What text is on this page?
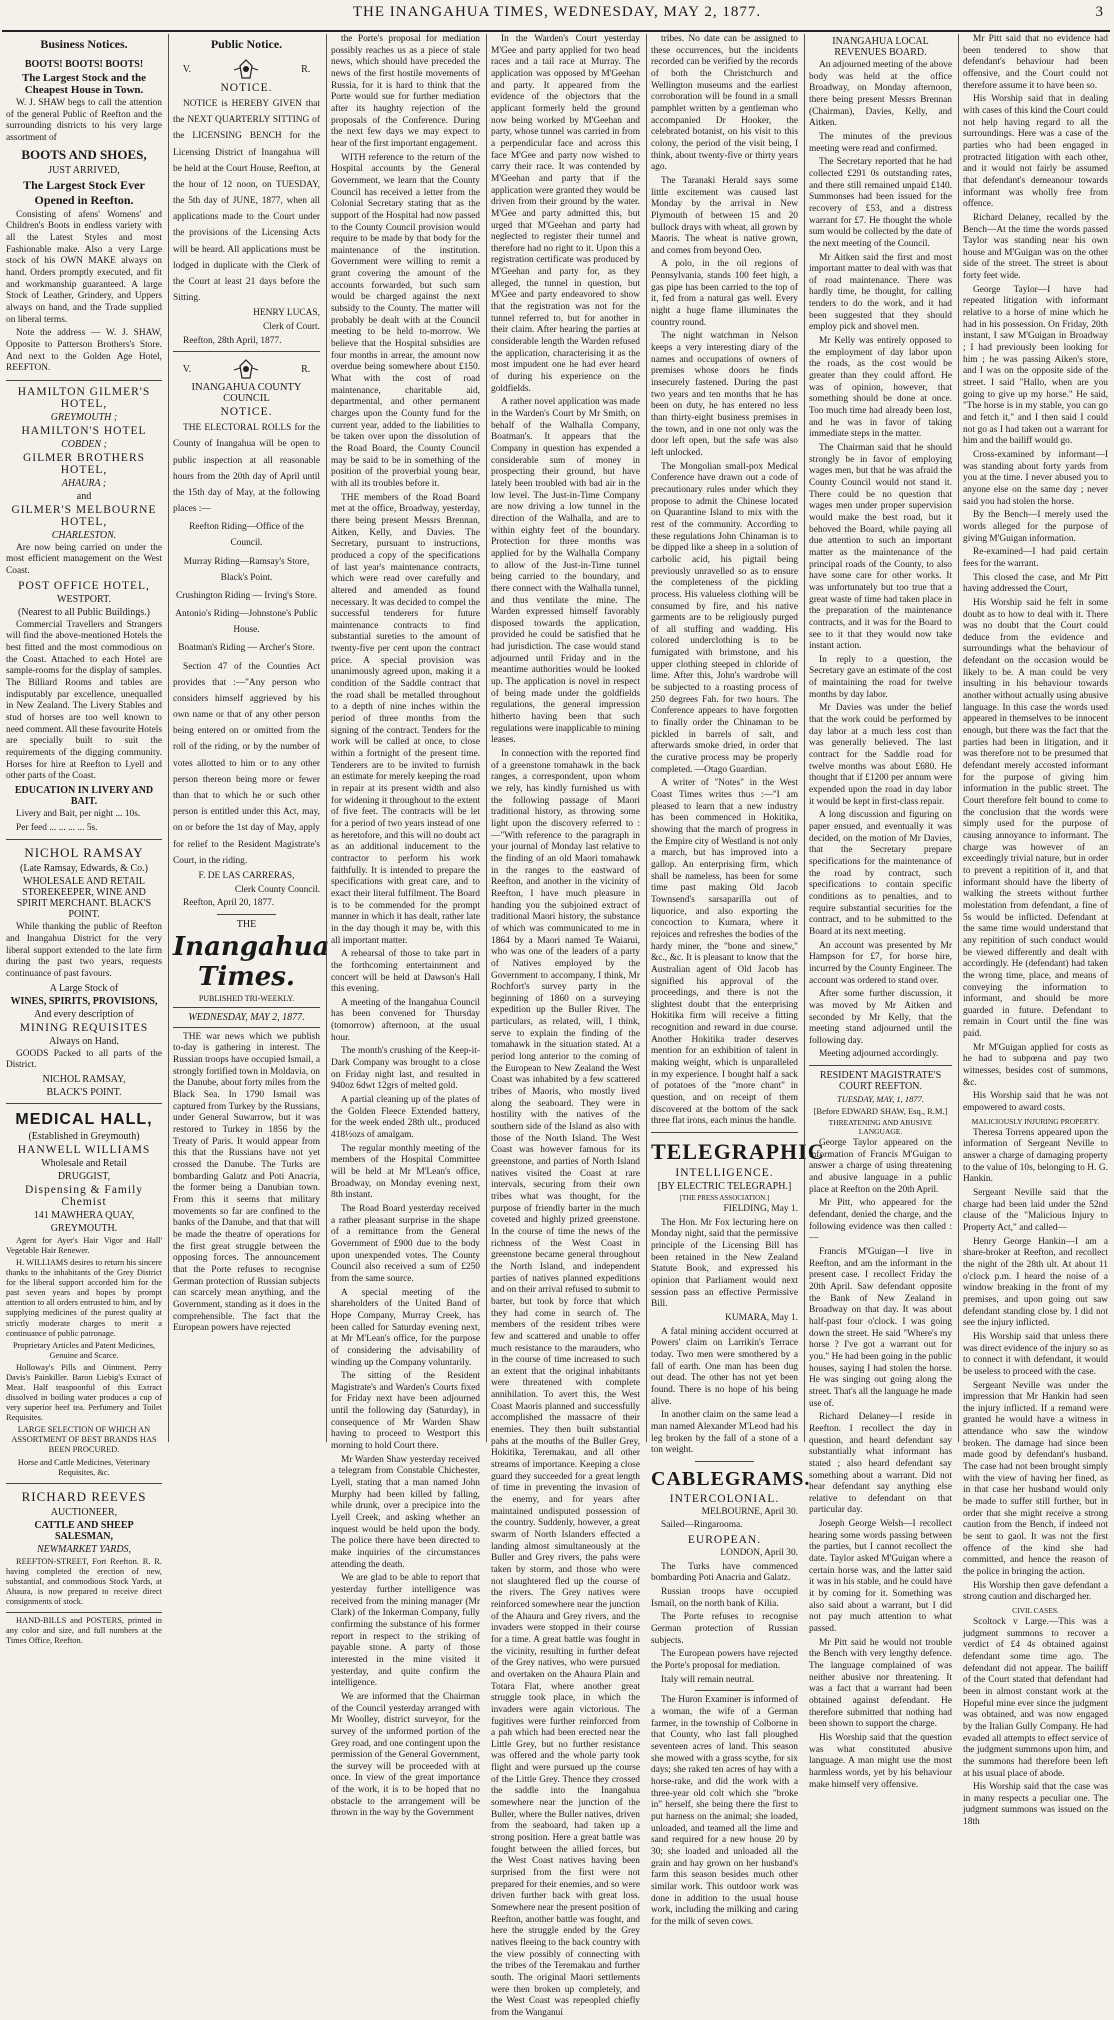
THE INANGAHUA TIMES, WEDNESDAY, MAY 2, 1877.	3
Business Notices.
BOOTS! BOOTS! BOOTS!
The Largest Stock and the Cheapest House in Town.

W. J. SHAW begs to call the attention of the general Public of Reefton and the surrounding districts to his very large assortment of

BOOTS AND SHOES,
JUST ARRIVED,
The Largest Stock Ever Opened in Reefton.

Consisting of afens' Womens' and Children's Boots in endless variety with all the Latest Styles and most Fashionable make. Also a very Large stock of his OWN MAKE always on hand. Orders promptly executed, and fit and workmanship guaranteed. A large Stock of Leather, Grindery, and Uppers always on hand, and the Trade supplied on liberal terms.

Note the address — W. J. SHAW, Opposite to Patterson Brothers's Store. And next to the Golden Age Hotel, REEFTON.

HAMILTON GILMER'S HOTEL,
GREYMOUTH ;
HAMILTON'S HOTEL
COBDEN ;
GILMER BROTHERS HOTEL,
AHAURA ;
and
GILMER'S MELBOURNE HOTEL,
CHARLESTON.

Are now being carried on under the most efficient management on the West Coast.

POST OFFICE HOTEL,
WESTPORT.
(Nearest to all Public Buildings.)

Commercial Travellers and Strangers will find the above-mentioned Hotels the best fitted and the most commodious on the Coast. Attached to each Hotel are sample-rooms for the display of samples. The Billiard Rooms and tables are indisputably par excellence, unequalled in New Zealand. The Livery Stables and stud of horses are too well known to need comment. All these favourite Hotels are specially built to suit the requirements of the digging community. Horses for hire at Reefton to Lyell and other parts of the Coast.

EDUCATION IN LIVERY AND BAIT.

Livery and Bait, per night ... 10s.

Per feed ... ... ... ... 5s.

NICHOL RAMSAY
(Late Ramsay, Edwards, & Co.)
WHOLESALE AND RETAIL STOREKEEPER, WINE AND SPIRIT MERCHANT. BLACK'S POINT.

While thanking the public of Reefton and Inangahua District for the very liberal support extended to the late firm during the past two years, requests continuance of past favours.

A Large Stock of
WINES, SPIRITS, PROVISIONS,
And every description of
MINING REQUISITES
Always on Hand.

GOODS Packed to all parts of the District.

NICHOL RAMSAY,
BLACK'S POINT.
MEDICAL HALL,
(Established in Greymouth)
HANWELL WILLIAMS
Wholesale and Retail
DRUGGIST,
Dispensing & Family Chemist
141 MAWHERA QUAY,
GREYMOUTH.

Agent for Ayer's Hair Vigor and Hall' Vegetable Hair Renewer.

H. WILLIAMS desires to return his sincere thanks to the inhabitants of the Grey District for the liberal support accorded him for the past seven years and hopes by prompt attention to all orders entrusted to him, and by supplying medicines of the purest quality at strictly moderate charges to merit a continuance of public patronage.

Proprietary Articles and Patent Medicines, Genuine and Scarce.

Holloway's Pills and Ointment. Perry Davis's Painkiller. Baron Liebig's Extract of Meat. Half teaspoonful of this Extract dissolved in boiling water produces a cup of very superior beef tea. Perfumery and Toilet Requisites.

LARGE SELECTION OF WHICH AN ASSORTMENT OF BEST BRANDS HAS BEEN PROCURED.

Horse and Cattle Medicines, Veterinary Requisites, &c.

RICHARD REEVES
AUCTIONEER,
CATTLE AND SHEEP SALESMAN,
NEWMARKET YARDS,

REEFTON-STREET, Fort Reefton. R. R. having completed the erection of new, substantial, and commodious Stock Yards, at Ahaura, is now prepared to receive direct consignments of stock.

HAND-BILLS and POSTERS, printed in any color and size, and full numbers at the Times Office, Reefton.

Public Notice.
V.	R.
NOTICE.

NOTICE is HEREBY GIVEN that the NEXT QUARTERLY SITTING of the LICENSING BENCH for the Licensing District of Inangahua will be held at the Court House, Reefton, at the hour of 12 noon, on TUESDAY, the 5th day of JUNE, 1877, when all applications made to the Court under the provisions of the Licensing Acts will be heard. All applications must be lodged in duplicate with the Clerk of the Court at least 21 days before the Sitting.

HENRY LUCAS,

Clerk of Court.

Reefton, 28th April, 1877.

V.	R.
INANGAHUA COUNTY COUNCIL
NOTICE.

THE ELECTORAL ROLLS for the County of Inangahua will be open to public inspection at all reasonable hours from the 20th day of April until the 15th day of May, at the following places :—

Reefton Riding—Office of the Council.

Murray Riding—Ramsay's Store, Black's Point.

Crushington Riding — Irving's Store.

Antonio's Riding—Johnstone's Public House.

Boatman's Riding — Archer's Store.

Section 47 of the Counties Act provides that :—"Any person who considers himself aggrieved by his own name or that of any other person being entered on or omitted from the roll of the riding, or by the number of votes allotted to him or to any other person thereon being more or fewer than that to which he or such other person is entitled under this Act, may, on or before the 1st day of May, apply for relief to the Resident Magistrate's Court, in the riding.

F. DE LAS CARRERAS,

Clerk County Council.

Reefton, April 20, 1877.

THE
Inangahua Times.
PUBLISHED TRI-WEEKLY.
WEDNESDAY, MAY 2, 1877.

THE war news which we publish to-day is gathering in interest. The Russian troops have occupied Ismail, a strongly fortified town in Moldavia, on the Danube, about forty miles from the Black Sea. In 1790 Ismail was captured from Turkey by the Russians, under General Suwarrow, but it was restored to Turkey in 1856 by the Treaty of Paris. It would appear from this that the Russians have not yet crossed the Danube. The Turks are bombarding Galatz and Poti Anacria, the former being a Danubian town. From this it seems that military movements so far are confined to the banks of the Danube, and that that will be made the theatre of operations for the first great struggle between the opposing forces. The announcement that the Porte refuses to recognise German protection of Russian subjects can scarcely mean anything, and the Government, standing as it does in the comprehensible. The fact that the European powers have rejected

the Porte's proposal for mediation possibly reaches us as a piece of stale news, which should have preceded the news of the first hostile movements of Russia, for it is hard to think that the Porte would sue for further mediation after its haughty rejection of the proposals of the Conference. During the next few days we may expect to hear of the first important engagement.

WITH reference to the return of the Hospital accounts by the General Government, we learn that the County Council has received a letter from the Colonial Secretary stating that as the support of the Hospital had now passed to the County Council provision would require to be made by that body for the maintenance of the institution. Government were willing to remit a grant covering the amount of the accounts forwarded, but such sum would be charged against the next subsidy to the County. The matter will probably be dealt with at the Council meeting to be held to-morrow. We believe that the Hospital subsidies are four months in arrear, the amount now overdue being somewhere about £150. What with the cost of road maintenance, charitable aid, departmental, and other permanent charges upon the County fund for the current year, added to the liabilities to be taken over upon the dissolution of the Road Board, the County Council may be said to be in something of the position of the proverbial young bear, with all its troubles before it.

THE members of the Road Board met at the office, Broadway, yesterday, there being present Messrs Brennan, Aitken, Kelly, and Davies. The Secretary, pursuant to instructions, produced a copy of the specifications of last year's maintenance contracts, which were read over carefully and altered and amended as found necessary. It was decided to compel the successful tenderers for future maintenance contracts to find substantial sureties to the amount of twenty-five per cent upon the contract price. A special provision was unanimously agreed upon, making it a condition of the Saddle contract that the road shall be metalled throughout to a depth of nine inches within the period of three months from the signing of the contract. Tenders for the work will be called at once, to close within a fortnight of the present time. Tenderers are to be invited to furnish an estimate for merely keeping the road in repair at its present width and also for widening it throughout to the extent of five feet. The contracts will be let for a period of two years instead of one as heretofore, and this will no doubt act as an additional inducement to the contractor to perform his work faithfully. It is intended to prepare the specifications with great care, and to exact their literal fulfilment. The Board is to be commended for the prompt manner in which it has dealt, rather late in the day though it may be, with this all important matter.

A rehearsal of those to take part in the forthcoming entertainment and concert will be held at Dawson's Hall this evening.

A meeting of the Inangahua Council has been convened for Thursday (tomorrow) afternoon, at the usual hour.

The month's crushing of the Keep-it-Dark Company was brought to a close on Friday night last, and resulted in 940oz 6dwt 12grs of melted gold.

A partial cleaning up of the plates of the Golden Fleece Extended battery, for the week ended 28th ult., produced 418½ozs of amalgam.

The regular monthly meeting of the members of the Hospital Committee will be held at Mr M'Lean's office, Broadway, on Monday evening next, 8th instant.

The Road Board yesterday received a rather pleasant surprise in the shape of a remittance from the General Government of £900 due to the body upon unexpended votes. The County Council also received a sum of £250 from the same source.

A special meeting of the shareholders of the United Band of Hope Company, Murray Creek, has been called for Saturday evening next, at Mr M'Lean's office, for the purpose of considering the advisability of winding up the Company voluntarily.

The sitting of the Resident Magistrate's and Warden's Courts fixed for Friday next have been adjourned until the following day (Saturday), in consequence of Mr Warden Shaw having to proceed to Westport this morning to hold Court there.

Mr Warden Shaw yesterday received a telegram from Constable Chichester, Lyell, stating that a man named John Murphy had been killed by falling, while drunk, over a precipice into the Lyell Creek, and asking whether an inquest would be held upon the body. The police there have been directed to make inquiries of the circumstances attending the death.

We are glad to be able to report that yesterday further intelligence was received from the mining manager (Mr Clark) of the Inkerman Company, fully confirming the substance of his former report in respect to the striking of payable stone. A party of those interested in the mine visited it yesterday, and quite confirm the intelligence.

We are informed that the Chairman of the Council yesterday arranged with Mr Woolley, district surveyor, for the survey of the unformed portion of the Grey road, and one contingent upon the permission of the General Government, the survey will be proceeded with at once. In view of the great importance of the work, it is to be hoped that no obstacle to the arrangement will be thrown in the way by the Government

In the Warden's Court yesterday M'Gee and party applied for two head races and a tail race at Murray. The application was opposed by M'Geehan and party. It appeared from the evidence of the objectors that the applicant formerly held the ground now being worked by M'Geehan and party, whose tunnel was carried in from a perpendicular face and across this face M'Gee and party now wished to carry their race. It was contended by M'Geehan and party that if the application were granted they would be driven from their ground by the water. M'Gee and party admitted this, but urged that M'Geehan and party had neglected to register their tunnel and therefore had no right to it. Upon this a registration certificate was produced by M'Geehan and party for, as they alleged, the tunnel in question, but M'Gee and party endeavored to show that the registration was not for the tunnel referred to, but for another in their claim. After hearing the parties at considerable length the Warden refused the application, characterising it as the most impudent one he had ever heard of during his experience on the goldfields.

A rather novel application was made in the Warden's Court by Mr Smith, on behalf of the Walhalla Company, Boatman's. It appears that the Company in question has expended a considerable sum of money in prospecting their ground, but have lately been troubled with bad air in the low level. The Just-in-Time Company are now driving a low tunnel in the direction of the Walhalla, and are to within eighty feet of the boundary. Protection for three months was applied for by the Walhalla Company to allow of the Just-in-Time tunnel being carried to the boundary, and there connect with the Walhalla tunnel, and thus ventilate the mine. The Warden expressed himself favorably disposed towards the application, provided he could be satisfied that he had jurisdiction. The case would stand adjourned until Friday and in the meantime authorities would be looked up. The application is novel in respect of being made under the goldfields regulations, the general impression hitherto having been that such regulations were inapplicable to mining leases.

In connection with the reported find of a greenstone tomahawk in the back ranges, a correspondent, upon whom we rely, has kindly furnished us with the following passage of Maori traditional history, as throwing some light upon the discovery referred to :—"With reference to the paragraph in your journal of Monday last relative to the finding of an old Maori tomahawk in the ranges to the eastward of Reefton, and another in the vicinity of Reefton, I have much pleasure in handing you the subjoined extract of traditional Maori history, the substance of which was communicated to me in 1864 by a Maori named Te Waiarui, who was one of the leaders of a party of Natives employed by the Government to accompany, I think, Mr Rochfort's survey party in the beginning of 1860 on a surveying expedition up the Buller River. The particulars, as related, will, I think, serve to explain the finding of the tomahawk in the situation stated. At a period long anterior to the coming of the European to New Zealand the West Coast was inhabited by a few scattered tribes of Maoris, who mostly lived along the seaboard. They were in hostility with the natives of the southern side of the Island as also with those of the North Island. The West Coast was however famous for its greenstone, and parties of North Island natives visited the Coast at rare intervals, securing from their own tribes what was thought, for the purpose of friendly barter in the much coveted and highly prized greenstone. In the course of time the news of the richness of the West Coast in greenstone became general throughout the North Island, and independent parties of natives planned expeditions and on their arrival refused to submit to barter, but took by force that which they had come in search of. The members of the resident tribes were few and scattered and unable to offer much resistance to the marauders, who in the course of time increased to such an extent that the original inhabitants were threatened with complete annihilation. To avert this, the West Coast Maoris planned and successfully accomplished the massacre of their enemies. They then built substantial pahs at the mouths of the Buller Grey, Hokitika, Teremakau, and all other streams of importance. Keeping a close guard they succeeded for a great length of time in preventing the invasion of the enemy, and for years after maintained undisputed possession of the country. Suddenly, however, a great swarm of North Islanders effected a landing almost simultaneously at the Buller and Grey rivers, the pahs were taken by storm, and those who were not slaughtered fled up the course of the rivers. The Grey natives were reinforced somewhere near the junction of the Ahaura and Grey rivers, and the invaders were stopped in their course for a time. A great battle was fought in the vicinity, resulting in further defeat of the Grey natives, who were pursued and overtaken on the Ahaura Plain and Totara Flat, where another great struggle took place, in which the invaders were again victorious. The fugitives were further reinforced from a pah which had been erected near the Little Grey, but no further resistance was offered and the whole party took flight and were pursued up the course of the Little Grey. Thence they crossed the saddle into the Inangahua somewhere near the junction of the Buller, where the Buller natives, driven from the seaboard, had taken up a strong position. Here a great battle was fought between the allied forces, but the West Coast natives having been surprised from the first were not prepared for their enemies, and so were driven further back with great loss. Somewhere near the present position of Reefton, another battle was fought, and here the struggle ended by the Grey natives fleeing to the back country with the view possibly of connecting with the tribes of the Teremakau and further south. The original Maori settlements were then broken up completely, and the West Coast was repeopled chiefly from the Wanganui

tribes. No date can be assigned to these occurrences, but the incidents recorded can be verified by the records of both the Christchurch and Wellington museums and the earliest corroboration will be found in a small pamphlet written by a gentleman who accompanied Dr Hooker, the celebrated botanist, on his visit to this colony, the period of the visit being, I think, about twenty-five or thirty years ago.

The Taranaki Herald says some little excitement was caused last Monday by the arrival in New Plymouth of between 15 and 20 bullock drays with wheat, all grown by Maoris. The wheat is native grown, and comes from beyond Oeo.

A polo, in the oil regions of Pennsylvania, stands 100 feet high, a gas pipe has been carried to the top of it, fed from a natural gas well. Every night a huge flame illuminates the country round.

The night watchman in Nelson keeps a very interesting diary of the names and occupations of owners of premises whose doors he finds insecurely fastened. During the past two years and ten months that he has been on duty, he has entered no less than thirty-eight business premises in the town, and in one not only was the door left open, but the safe was also left unlocked.

The Mongolian small-pox Medical Conference have drawn out a code of precautionary rules under which they propose to admit the Chinese located on Quarantine Island to mix with the rest of the community. According to these regulations John Chinaman is to be dipped like a sheep in a solution of carbolic acid, his pigtail being previously unravelled so as to ensure the completeness of the pickling process. His valueless clothing will be consumed by fire, and his native garments are to be religiously purged of all stuffing and wadding. His colored underclothing is to be fumigated with brimstone, and his upper clothing steeped in chloride of lime. After this, John's wardrobe will be subjected to a roasting process of 250 degrees Fah. for two hours. The Conference appears to have forgotten to finally order the Chinaman to be pickled in barrels of salt, and afterwards smoke dried, in order that the curative process may be properly completed. —Otago Guardian.

A writer of "Notes" in the West Coast Times writes thus :—"I am pleased to learn that a new industry has been commenced in Hokitika, showing that the march of progress in the Empire city of Westland is not only a march, but has improved into a gallop. An enterprising firm, which shall be nameless, has been for some time past making Old Jacob Townsend's sarsaparilla out of liquorice, and also exporting the concoction to Kumara, where it rejoices and refreshes the bodies of the hardy miner, the "bone and sinew," &c., &c. It is pleasant to know that the Australian agent of Old Jacob has signified his approval of the proceedings, and there is not the slightest doubt that the enterprising Hokitika firm will receive a fitting recognition and reward in due course. Another Hokitika trader deserves mention for an exhibition of talent in making weight, which is unparalleled in my experience. I bought half a sack of potatoes of the "more chant" in question, and on receipt of them discovered at the bottom of the sack three flat irons, each minus the handle.

TELEGRAPHIC
INTELLIGENCE.
[BY ELECTRIC TELEGRAPH.]
[THE PRESS ASSOCIATION.]

FIELDING, May 1.

The Hon. Mr Fox lecturing here on Monday night, said that the permissive principle of the Licensing Bill has been retained in the New Zealand Statute Book, and expressed his opinion that Parliament would next session pass an effective Permissive Bill.

KUMARA, May 1.

A fatal mining accident occurred at Powers' claim on Larrikin's Terrace today. Two men were smothered by a fall of earth. One man has been dug out dead. The other has not yet been found. There is no hope of his being alive.

In another claim on the same lead a man named Alexander M'Leod had his leg broken by the fall of a stone of a ton weight.

CABLEGRAMS.
INTERCOLONIAL.

MELBOURNE, April 30.

Sailed—Ringarooma.

EUROPEAN.

LONDON, April 30.

The Turks have commenced bombarding Poti Anacria and Galatz.

Russian troops have occupied Ismail, on the north bank of Kilia.

The Porte refuses to recognise German protection of Russian subjects.

The European powers have rejected the Porte's proposal for mediation.

Italy will remain neutral.

The Huron Examiner is informed of a woman, the wife of a German farmer, in the township of Colborne in that County, who last fall ploughed seventeen acres of land. This season she mowed with a grass scythe, for six days; she raked ten acres of hay with a horse-rake, and did the work with a three-year old colt which she "broke in" herself, she being there the first to put harness on the animal; she loaded, unloaded, and teamed all the lime and sand required for a new house 20 by 30; she loaded and unloaded all the grain and hay grown on her husband's farm this season besides much other similar work. This outdoor work was done in addition to the usual house work, including the milking and caring for the milk of seven cows.

INANGAHUA LOCAL REVENUES BOARD.

An adjourned meeting of the above body was held at the office Broadway, on Monday afternoon, there being present Messrs Brennan (Chairman), Davies, Kelly, and Aitken.

The minutes of the previous meeting were read and confirmed.

The Secretary reported that he had collected £291 0s outstanding rates, and there still remained unpaid £140. Summonses had been issued for the recovery of £53, and a distress warrant for £7. He thought the whole sum would be collected by the date of the next meeting of the Council.

Mr Aitken said the first and most important matter to deal with was that of road maintenance. There was hardly time, he thought, for calling tenders to do the work, and it had been suggested that they should employ pick and shovel men.

Mr Kelly was entirely opposed to the employment of day labor upon the roads, as the cost would be greater than they could afford. He was of opinion, however, that something should be done at once. Too much time had already been lost, and he was in favor of taking immediate steps in the matter.

The Chairman said that he should strongly be in favor of employing wages men, but that he was afraid the County Council would not stand it. There could be no question that wages men under proper supervision would make the best road, but it behoved the Board, while paying all due attention to such an important matter as the maintenance of the principal roads of the County, to also have some care for other works. It was unfortunately but too true that a great waste of time had taken place in the preparation of the maintenance contracts, and it was for the Board to see to it that they would now take instant action.

In reply to a question, the Secretary gave an estimate of the cost of maintaining the road for twelve months by day labor.

Mr Davies was under the belief that the work could be performed by day labor at a much less cost than was generally believed. The last contract for the Saddle road for twelve months was about £680. He thought that if £1200 per annum were expended upon the road in day labor it would be kept in first-class repair.

A long discussion and figuring on paper ensued, and eventually it was decided, on the motion of Mr Davies, that the Secretary prepare specifications for the maintenance of the road by contract, such specifications to contain specific conditions as to penalties, and to require substantial securities for the contract, and to be submitted to the Board at its next meeting.

An account was presented by Mr Hampson for £7, for horse hire, incurred by the County Engineer. The account was ordered to stand over.

After some further discussion, it was moved by Mr Aitken and seconded by Mr Kelly, that the meeting stand adjourned until the following day.

Meeting adjourned accordingly.

RESIDENT MAGISTRATE'S COURT REEFTON.
TUESDAY, MAY, 1, 1877.
[Before EDWARD SHAW, Esq., R.M.]
THREATENING AND ABUSIVE LANGUAGE.

George Taylor appeared on the information of Francis M'Guigan to answer a charge of using threatening and abusive language in a public place at Reefton on the 20th April.

Mr Pitt, who appeared for the defendant, denied the charge, and the following evidence was then called :—

Francis M'Guigan—I live in Reefton, and am the informant in the present case. I recollect Friday the 20th April. Saw defendant opposite the Bank of New Zealand in Broadway on that day. It was about half-past four o'clock. I was going down the street. He said "Where's my horse ? I've got a warrant out for you." He had been going in the public houses, saying I had stolen the horse. He was singing out going along the street. That's all the language he made use of.

Richard Delaney—I reside in Reefton. I recollect the day in question, and heard defendant say substantially what informant has stated ; also heard defendant say something about a warrant. Did not hear defendant say anything else relative to defendant on that particular day.

Joseph George Welsh—I recollect hearing some words passing between the parties, but I cannot recollect the date. Taylor asked M'Guigan where a certain horse was, and the latter said it was in his stable, and he could have it by coming for it. Something was also said about a warrant, but I did not pay much attention to what passed.

Mr Pitt said he would not trouble the Bench with very lengthy defence. The language complained of was neither abusive nor threatening. It was a fact that a warrant had been obtained against defendant. He therefore submitted that nothing had been shown to support the charge.

His Worship said that the question was what constituted abusive language. A man might use the most harmless words, yet by his behaviour make himself very offensive.

Mr Pitt said that no evidence had been tendered to show that defendant's behaviour had been offensive, and the Court could not therefore assume it to have been so.

His Worship said that in dealing with cases of this kind the Court could not help having regard to all the surroundings. Here was a case of the parties who had been engaged in protracted litigation with each other, and it would not fairly be assumed that defendant's demeanour towards informant was wholly free from offence.

Richard Delaney, recalled by the Bench—At the time the words passed Taylor was standing near his own house and M'Guigan was on the other side of the street. The street is about forty feet wide.

George Taylor—I have had repeated litigation with informant relative to a horse of mine which he had in his possession. On Friday, 20th instant, I saw M'Guigan in Broadway ; I had previously been looking for him ; he was passing Aiken's store, and I was on the opposite side of the street. I said "Hallo, when are you going to give up my horse." He said, "The horse is in my stable, you can go and fetch it," and I then said I could not go as I had taken out a warrant for him and the bailiff would go.

Cross-examined by informant—I was standing about forty yards from you at the time. I never abused you to anyone else on the same day ; never said you had stolen the horse.

By the Bench—I merely used the words alleged for the purpose of giving M'Guigan information.

Re-examined—I had paid certain fees for the warrant.

This closed the case, and Mr Pitt having addressed the Court,

His Worship said he felt in some doubt as to how to deal with it. There was no doubt that the Court could deduce from the evidence and surroundings what the behaviour of defendant on the occasion would be likely to be. A man could be very insulting in his behaviour towards another without actually using abusive language. In this case the words used appeared in themselves to be innocent enough, but there was the fact that the parties had been in litigation, and it was therefore not to be presumed that defendant merely accosted informant for the purpose of giving him information in the public street. The Court therefore felt bound to come to the conclusion that the words were simply used for the purpose of causing annoyance to informant. The charge was however of an exceedingly trivial nature, but in order to prevent a repitition of it, and that informant should have the liberty of walking the streets without further molestation from defendant, a fine of 5s would be inflicted. Defendant at the same time would understand that any repitition of such conduct would be viewed differently and dealt with accordingly. He (defendant) had taken the wrong time, place, and means of conveying the information to informant, and should be more guarded in future. Defendant to remain in Court until the fine was paid.

Mr M'Guigan applied for costs as he had to subpœna and pay two witnesses, besides cost of summons, &c.

His Worship said that he was not empowered to award costs.

MALICIOUSLY INJURING PROPERTY.

Theresa Torrens appeared upon the information of Sergeant Neville to answer a charge of damaging property to the value of 10s, belonging to H. G. Hankin.

Sergeant Neville said that the charge had been laid under the 52nd clause of the "Malicious Injury to Property Act," and called—

Henry George Hankin—I am a share-broker at Reefton, and recollect the night of the 28th ult. At about 11 o'clock p.m. I heard the noise of a window breaking in the front of my premises, and upon going out saw defendant standing close by. I did not see the injury inflicted.

His Worship said that unless there was direct evidence of the injury so as to connect it with defendant, it would be useless to proceed with the case.

Sergeant Neville was under the impression that Mr Hankin had seen the injury inflicted. If a remand were granted he would have a witness in attendance who saw the window broken. The damage had since been made good by defendant's husband. The case had not been brought simply with the view of having her fined, as in that case her husband would only be made to suffer still further, but in order that she might receive a strong caution from the Bench, if indeed not be sent to gaol. It was not the first offence of the kind she had committed, and hence the reason of the police in bringing the action.

His Worship then gave defendant a strong caution and discharged her.

CIVIL CASES.

Scoltock v Large.—This was a judgment summons to recover a verdict of £4 4s obtained against defendant some time ago. The defendant did not appear. The bailiff of the Court stated that defendant had been in almost constant work at the Hopeful mine ever since the judgment was obtained, and was now engaged by the Italian Gully Company. He had evaded all attempts to effect service of the judgment summons upon him, and the summons had therefore been left at his usual place of abode.

His Worship said that the case was in many respects a peculiar one. The judgment summons was issued on the 18th
